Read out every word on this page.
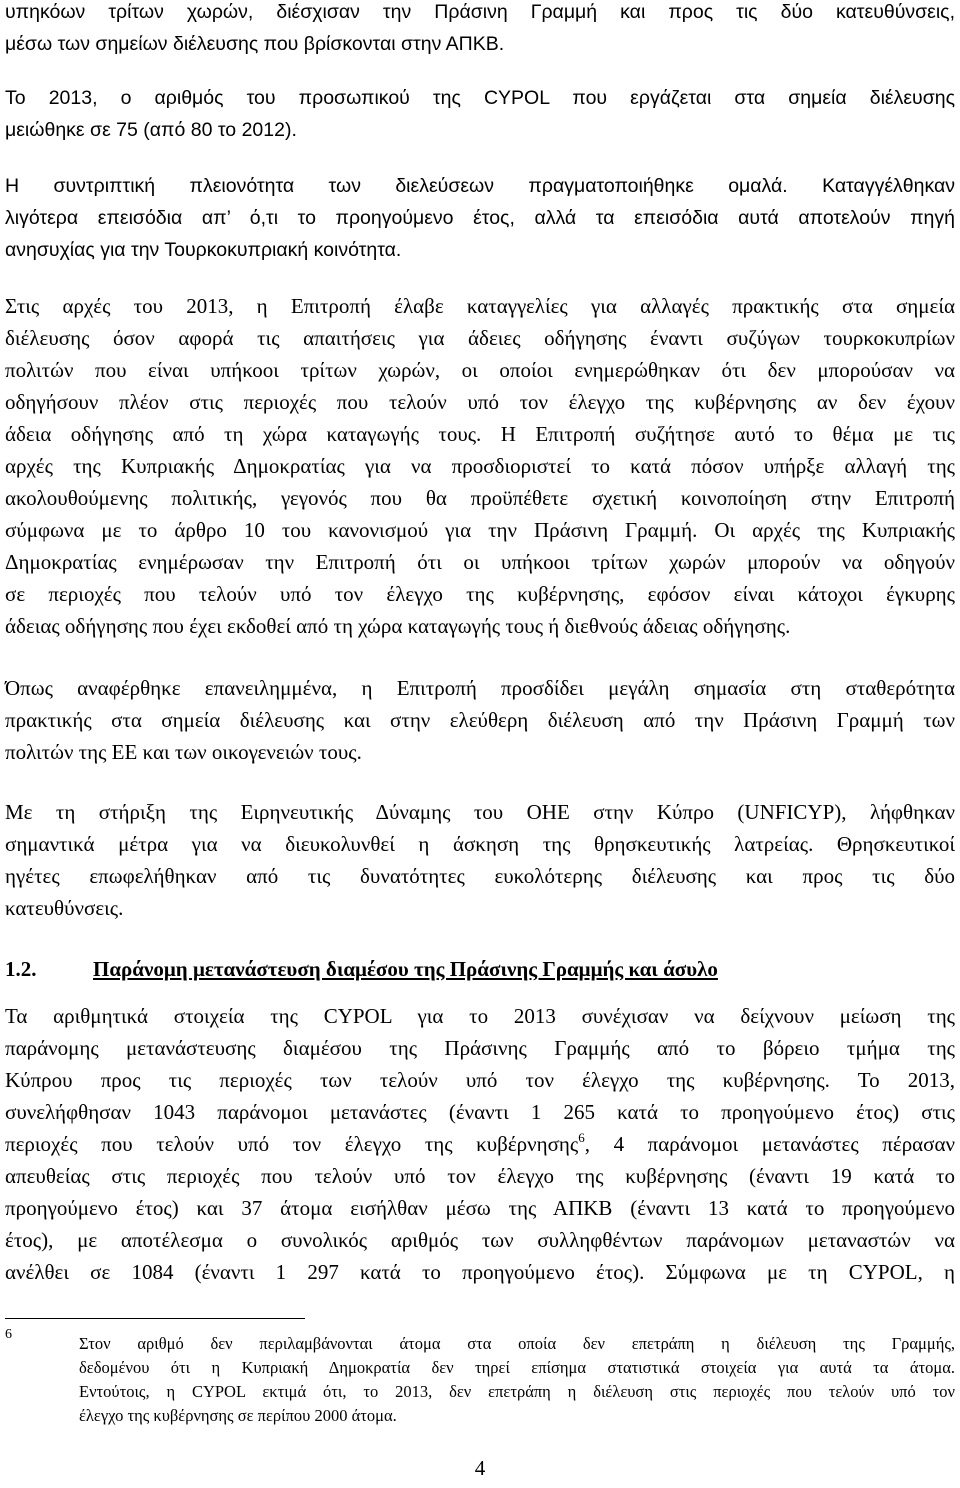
υπηκόων τρίτων χωρών, διέσχισαν την Πράσινη Γραμμή και προς τις δύο κατευθύνσεις,
μέσω των σημείων διέλευσης που βρίσκονται στην ΑΠΚΒ.
Το 2013, ο αριθμός του προσωπικού της CYPOL που εργάζεται στα σημεία διέλευσης
μειώθηκε σε 75 (από 80 το 2012).
Η συντριπτική πλειονότητα των διελεύσεων πραγματοποιήθηκε ομαλά. Καταγγέλθηκαν
λιγότερα επεισόδια απ’ ό,τι το προηγούμενο έτος, αλλά τα επεισόδια αυτά αποτελούν πηγή
ανησυχίας για την Τουρκοκυπριακή κοινότητα.
Στις αρχές του 2013, η Επιτροπή έλαβε καταγγελίες για αλλαγές πρακτικής στα σημεία
διέλευσης όσον αφορά τις απαιτήσεις για άδειες οδήγησης έναντι συζύγων τουρκοκυπρίων
πολιτών που είναι υπήκοοι τρίτων χωρών, οι οποίοι ενημερώθηκαν ότι δεν μπορούσαν να
οδηγήσουν πλέον στις περιοχές που τελούν υπό τον έλεγχο της κυβέρνησης αν δεν έχουν
άδεια οδήγησης από τη χώρα καταγωγής τους. Η Επιτροπή συζήτησε αυτό το θέμα με τις
αρχές της Κυπριακής Δημοκρατίας για να προσδιοριστεί το κατά πόσον υπήρξε αλλαγή της
ακολουθούμενης πολιτικής, γεγονός που θα προϋπέθετε σχετική κοινοποίηση στην Επιτροπή
σύμφωνα με το άρθρο 10 του κανονισμού για την Πράσινη Γραμμή. Οι αρχές της Κυπριακής
Δημοκρατίας ενημέρωσαν την Επιτροπή ότι οι υπήκοοι τρίτων χωρών μπορούν να οδηγούν
σε περιοχές που τελούν υπό τον έλεγχο της κυβέρνησης, εφόσον είναι κάτοχοι έγκυρης
άδειας οδήγησης που έχει εκδοθεί από τη χώρα καταγωγής τους ή διεθνούς άδειας οδήγησης.
Όπως αναφέρθηκε επανειλημμένα, η Επιτροπή προσδίδει μεγάλη σημασία στη σταθερότητα
πρακτικής στα σημεία διέλευσης και στην ελεύθερη διέλευση από την Πράσινη Γραμμή των
πολιτών της ΕΕ και των οικογενειών τους.
Με τη στήριξη της Ειρηνευτικής Δύναμης του ΟΗΕ στην Κύπρο (UNFICYP), λήφθηκαν
σημαντικά μέτρα για να διευκολυνθεί η άσκηση της θρησκευτικής λατρείας. Θρησκευτικοί
ηγέτες επωφελήθηκαν από τις δυνατότητες ευκολότερης διέλευσης και προς τις δύο
κατευθύνσεις.
1.2.	Παράνομη μετανάστευση διαμέσου της Πράσινης Γραμμής και άσυλο
Τα αριθμητικά στοιχεία της CYPOL για το 2013 συνέχισαν να δείχνουν μείωση της
παράνομης μετανάστευσης διαμέσου της Πράσινης Γραμμής από το βόρειο τμήμα της
Κύπρου προς τις περιοχές των τελούν υπό τον έλεγχο της κυβέρνησης. Το 2013,
συνελήφθησαν 1043 παράνομοι μετανάστες (έναντι 1 265 κατά το προηγούμενο έτος) στις
περιοχές που τελούν υπό τον έλεγχο της κυβέρνησης$^6$, 4 παράνομοι μετανάστες πέρασαν
απευθείας στις περιοχές που τελούν υπό τον έλεγχο της κυβέρνησης (έναντι 19 κατά το
προηγούμενο έτος) και 37 άτομα εισήλθαν μέσω της ΑΠΚΒ (έναντι 13 κατά το προηγούμενο
έτος), με αποτέλεσμα ο συνολικός αριθμός των συλληφθέντων παράνομων μεταναστών να
ανέλθει σε 1084 (έναντι 1 297 κατά το προηγούμενο έτος). Σύμφωνα με τη CYPOL, η
6	Στον αριθμό δεν περιλαμβάνονται άτομα στα οποία δεν επετράπη η διέλευση της Γραμμής,
δεδομένου ότι η Κυπριακή Δημοκρατία δεν τηρεί επίσημα στατιστικά στοιχεία για αυτά τα άτομα.
Εντούτοις, η CYPOL εκτιμά ότι, το 2013, δεν επετράπη η διέλευση στις περιοχές που τελούν υπό τον
έλεγχο της κυβέρνησης σε περίπου 2000 άτομα.
4
